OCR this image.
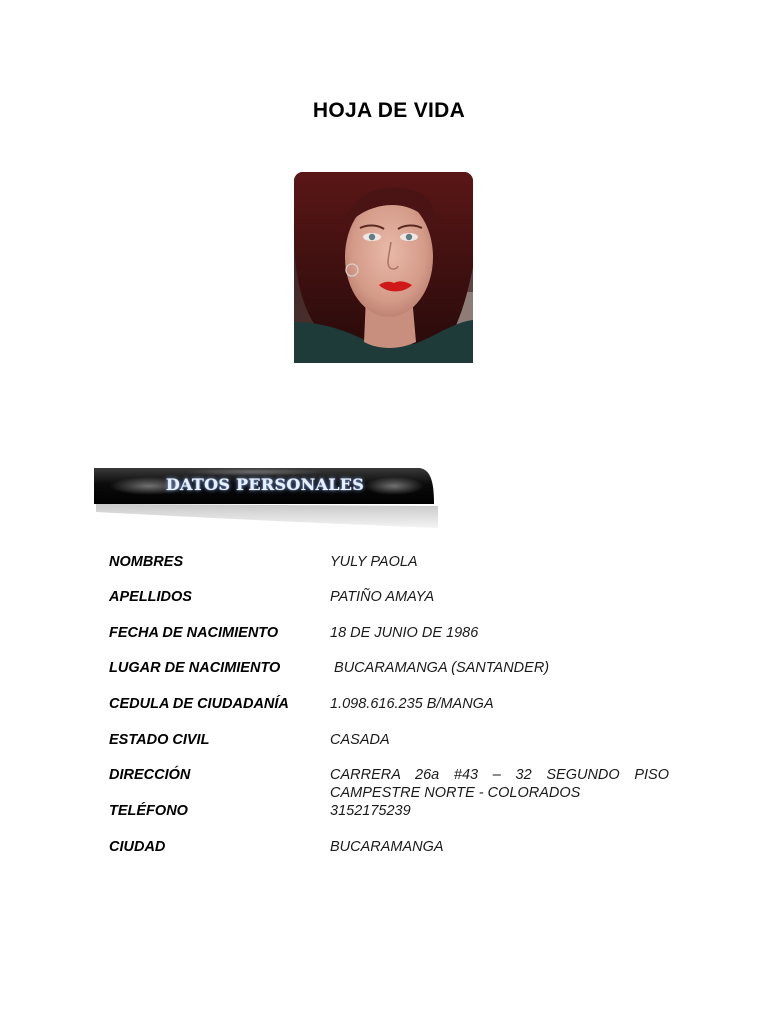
HOJA DE VIDA
DATOS PERSONALES
NOMBRES	YULY PAOLA
APELLIDOS	PATIÑO AMAYA
FECHA DE NACIMIENTO	18 DE JUNIO DE 1986
LUGAR DE NACIMIENTO	BUCARAMANGA (SANTANDER)
CEDULA DE CIUDADANÍA	1.098.616.235 B/MANGA
ESTADO CIVIL	CASADA
DIRECCIÓN	CARRERA 26a #43 – 32 SEGUNDO PISO CAMPESTRE NORTE - COLORADOS
TELÉFONO	3152175239
CIUDAD	BUCARAMANGA
